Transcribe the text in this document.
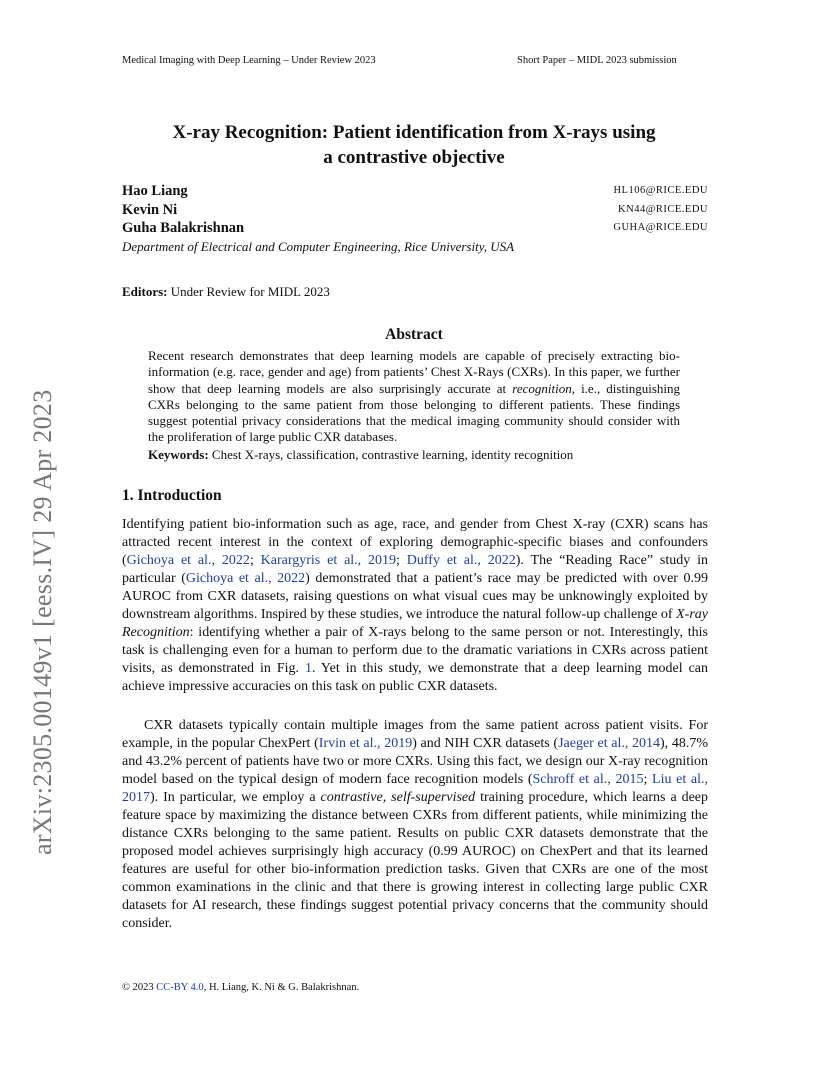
Medical Imaging with Deep Learning – Under Review 2023	Short Paper – MIDL 2023 submission
X-ray Recognition: Patient identification from X-rays using
a contrastive objective
Hao Liang	HL106@RICE.EDU
Kevin Ni	KN44@RICE.EDU
Guha Balakrishnan	GUHA@RICE.EDU
Department of Electrical and Computer Engineering, Rice University, USA
Editors: Under Review for MIDL 2023
Abstract
Recent research demonstrates that deep learning models are capable of precisely extracting bio-information (e.g. race, gender and age) from patients’ Chest X-Rays (CXRs). In this paper, we further show that deep learning models are also surprisingly accurate at recognition, i.e., distinguishing CXRs belonging to the same patient from those belonging to different patients. These findings suggest potential privacy considerations that the medical imaging community should consider with the proliferation of large public CXR databases.
Keywords: Chest X-rays, classification, contrastive learning, identity recognition
1. Introduction
Identifying patient bio-information such as age, race, and gender from Chest X-ray (CXR) scans has attracted recent interest in the context of exploring demographic-specific biases and confounders (Gichoya et al., 2022; Karargyris et al., 2019; Duffy et al., 2022). The “Reading Race” study in particular (Gichoya et al., 2022) demonstrated that a patient’s race may be predicted with over 0.99 AUROC from CXR datasets, raising questions on what visual cues may be unknowingly exploited by downstream algorithms. Inspired by these studies, we introduce the natural follow-up challenge of X-ray Recognition: identifying whether a pair of X-rays belong to the same person or not. Interestingly, this task is challenging even for a human to perform due to the dramatic variations in CXRs across patient visits, as demonstrated in Fig. 1. Yet in this study, we demonstrate that a deep learning model can achieve impressive accuracies on this task on public CXR datasets.
CXR datasets typically contain multiple images from the same patient across patient visits. For example, in the popular ChexPert (Irvin et al., 2019) and NIH CXR datasets (Jaeger et al., 2014), 48.7% and 43.2% percent of patients have two or more CXRs. Using this fact, we design our X-ray recognition model based on the typical design of modern face recognition models (Schroff et al., 2015; Liu et al., 2017). In particular, we employ a contrastive, self-supervised training procedure, which learns a deep feature space by maximizing the distance between CXRs from different patients, while minimizing the distance CXRs belonging to the same patient. Results on public CXR datasets demonstrate that the proposed model achieves surprisingly high accuracy (0.99 AUROC) on ChexPert and that its learned features are useful for other bio-information prediction tasks. Given that CXRs are one of the most common examinations in the clinic and that there is growing interest in collecting large public CXR datasets for AI research, these findings suggest potential privacy concerns that the community should consider.
© 2023 CC-BY 4.0, H. Liang, K. Ni & G. Balakrishnan.
arXiv:2305.00149v1 [eess.IV] 29 Apr 2023
